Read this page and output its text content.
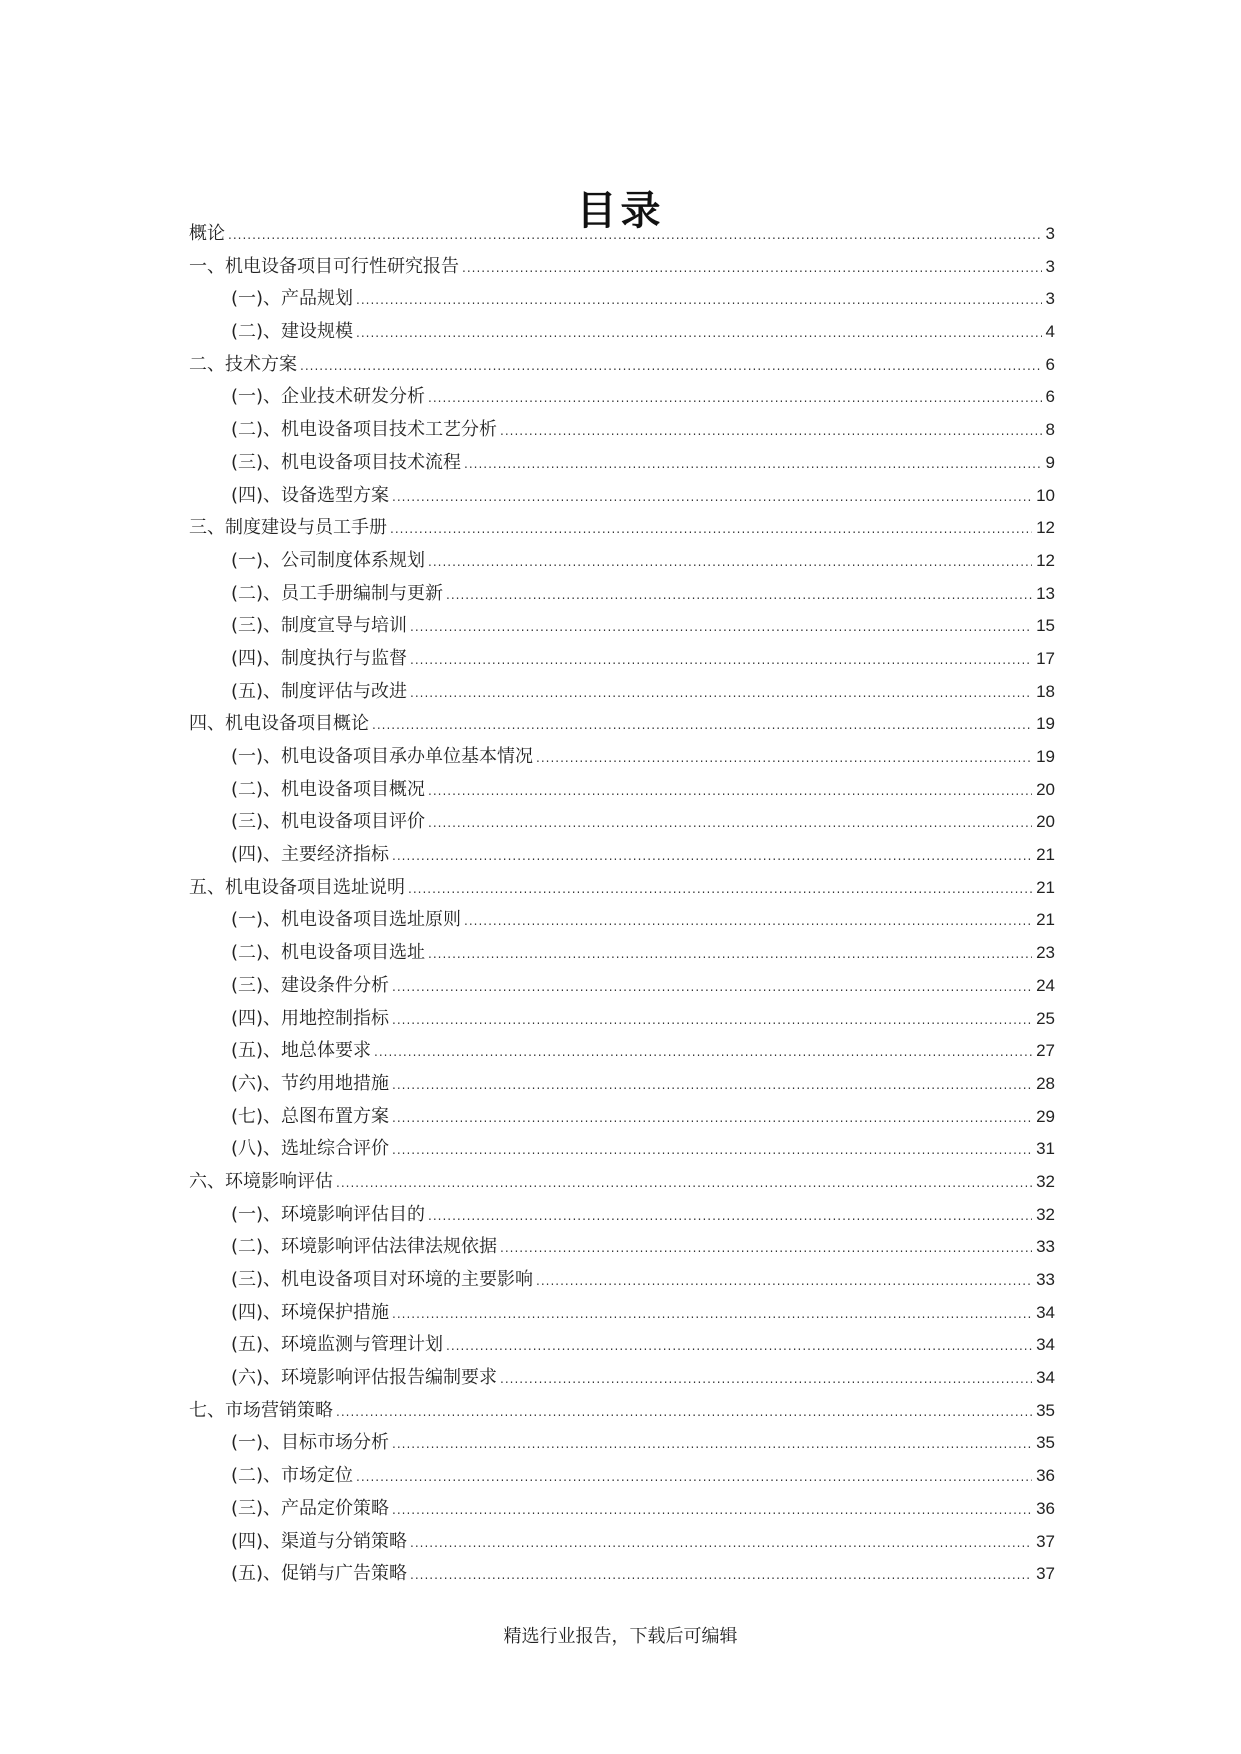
目录
概论 .....	3
一、机电设备项目可行性研究报告 .....	3
(一)、产品规划 .....	3
(二)、建设规模 .....	4
二、技术方案 .....	6
(一)、企业技术研发分析 .....	6
(二)、机电设备项目技术工艺分析 .....	8
(三)、机电设备项目技术流程 .....	9
(四)、设备选型方案 .....	10
三、制度建设与员工手册 .....	12
(一)、公司制度体系规划 .....	12
(二)、员工手册编制与更新 .....	13
(三)、制度宣导与培训 .....	15
(四)、制度执行与监督 .....	17
(五)、制度评估与改进 .....	18
四、机电设备项目概论 .....	19
(一)、机电设备项目承办单位基本情况 .....	19
(二)、机电设备项目概况 .....	20
(三)、机电设备项目评价 .....	20
(四)、主要经济指标 .....	21
五、机电设备项目选址说明 .....	21
(一)、机电设备项目选址原则 .....	21
(二)、机电设备项目选址 .....	23
(三)、建设条件分析 .....	24
(四)、用地控制指标 .....	25
(五)、地总体要求 .....	27
(六)、节约用地措施 .....	28
(七)、总图布置方案 .....	29
(八)、选址综合评价 .....	31
六、环境影响评估 .....	32
(一)、环境影响评估目的 .....	32
(二)、环境影响评估法律法规依据 .....	33
(三)、机电设备项目对环境的主要影响 .....	33
(四)、环境保护措施 .....	34
(五)、环境监测与管理计划 .....	34
(六)、环境影响评估报告编制要求 .....	34
七、市场营销策略 .....	35
(一)、目标市场分析 .....	35
(二)、市场定位 .....	36
(三)、产品定价策略 .....	36
(四)、渠道与分销策略 .....	37
(五)、促销与广告策略 .....	37
精选行业报告，下载后可编辑
